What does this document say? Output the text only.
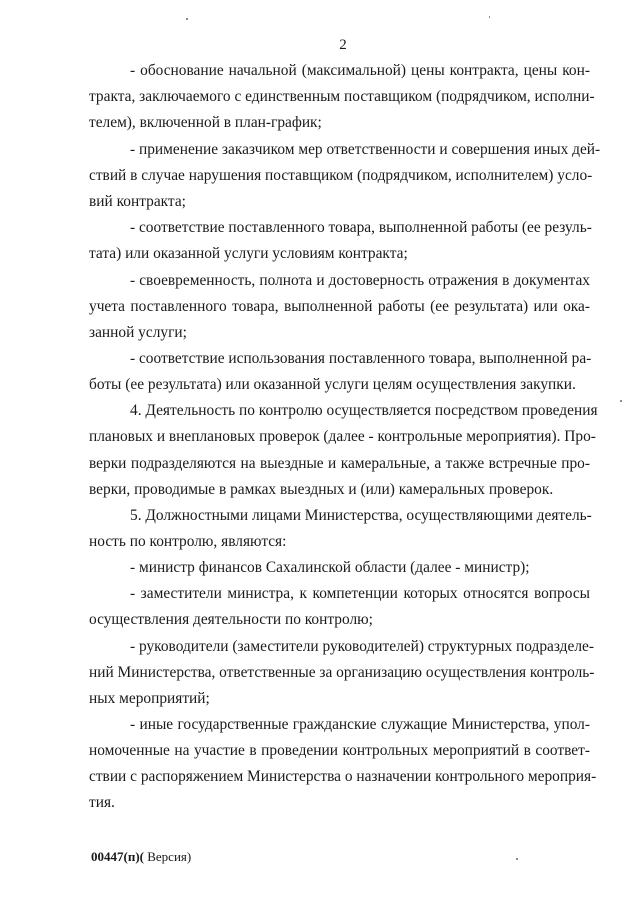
2
- обоснование начальной (максимальной) цены контракта, цены кон-
тракта, заключаемого с единственным поставщиком (подрядчиком, исполни-
телем), включенной в план-график;
- применение заказчиком мер ответственности и совершения иных дей-
ствий в случае нарушения поставщиком (подрядчиком, исполнителем) усло-
вий контракта;
- соответствие поставленного товара, выполненной работы (ее резуль-
тата) или оказанной услуги условиям контракта;
- своевременность, полнота и достоверность отражения в документах
учета поставленного товара, выполненной работы (ее результата) или ока-
занной услуги;
- соответствие использования поставленного товара, выполненной ра-
боты (ее результата) или оказанной услуги целям осуществления закупки.
4. Деятельность по контролю осуществляется посредством проведения
плановых и внеплановых проверок (далее - контрольные мероприятия). Про-
верки подразделяются на выездные и камеральные, а также встречные про-
верки, проводимые в рамках выездных и (или) камеральных проверок.
5. Должностными лицами Министерства, осуществляющими деятель-
ность по контролю, являются:
- министр финансов Сахалинской области (далее - министр);
- заместители министра, к компетенции которых относятся вопросы
осуществления деятельности по контролю;
- руководители (заместители руководителей) структурных подразделе-
ний Министерства, ответственные за организацию осуществления контроль-
ных мероприятий;
- иные государственные гражданские служащие Министерства, упол-
номоченные на участие в проведении контрольных мероприятий в соответ-
ствии с распоряжением Министерства о назначении контрольного мероприя-
тия.
00447(п)( Версия)
